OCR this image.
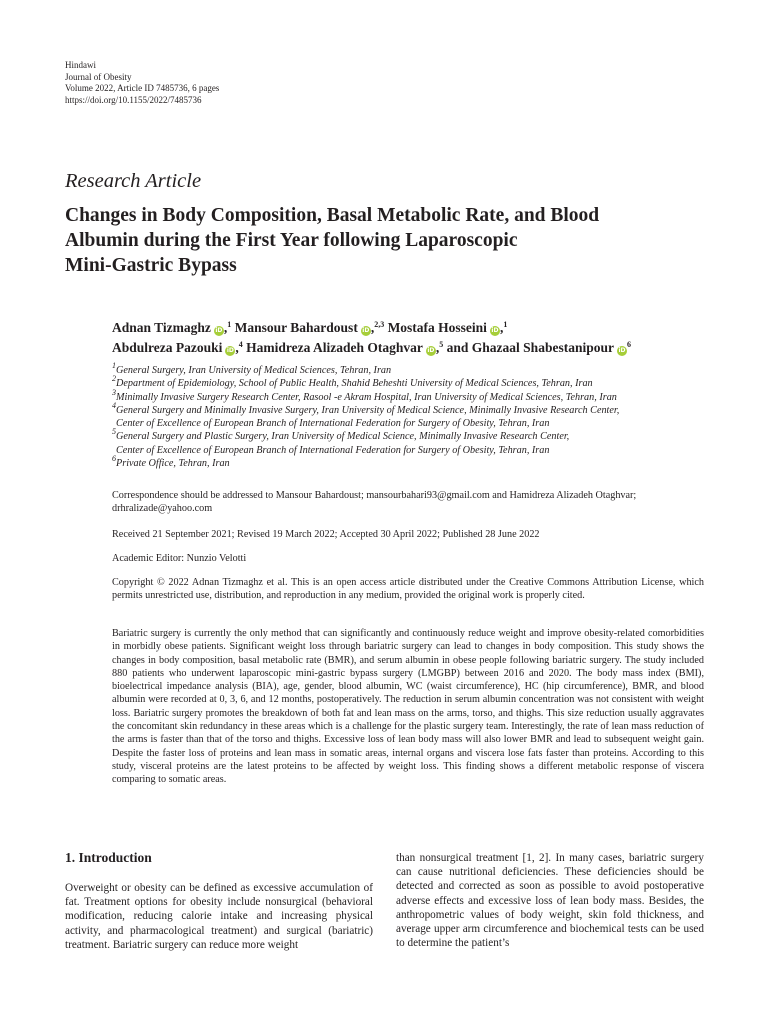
Hindawi
Journal of Obesity
Volume 2022, Article ID 7485736, 6 pages
https://doi.org/10.1155/2022/7485736
Research Article
Changes in Body Composition, Basal Metabolic Rate, and Blood
Albumin during the First Year following Laparoscopic
Mini-Gastric Bypass
Adnan Tizmaghz iD,$^1$ Mansour Bahardoust iD,$^{2,3}$ Mostafa Hosseini iD,$^1$
Abdulreza Pazouki iD,$^4$ Hamidreza Alizadeh Otaghvar iD,$^5$ and Ghazaal Shabestanipour $iD^6$
$^1$General Surgery, Iran University of Medical Sciences, Tehran, Iran
$^2$Department of Epidemiology, School of Public Health, Shahid Beheshti University of Medical Sciences, Tehran, Iran
$^3$Minimally Invasive Surgery Research Center, Rasool -e Akram Hospital, Iran University of Medical Sciences, Tehran, Iran
$^4$General Surgery and Minimally Invasive Surgery, Iran University of Medical Science, Minimally Invasive Research Center,
Center of Excellence of European Branch of International Federation for Surgery of Obesity, Tehran, Iran
$^5$General Surgery and Plastic Surgery, Iran University of Medical Science, Minimally Invasive Research Center,
Center of Excellence of European Branch of International Federation for Surgery of Obesity, Tehran, Iran
$^6$Private Office, Tehran, Iran
Correspondence should be addressed to Mansour Bahardoust; mansourbahari93@gmail.com and Hamidreza Alizadeh Otaghvar; drhralizade@yahoo.com
Received 21 September 2021; Revised 19 March 2022; Accepted 30 April 2022; Published 28 June 2022
Academic Editor: Nunzio Velotti
Copyright © 2022 Adnan Tizmaghz et al. This is an open access article distributed under the Creative Commons Attribution License, which permits unrestricted use, distribution, and reproduction in any medium, provided the original work is properly cited.
Bariatric surgery is currently the only method that can significantly and continuously reduce weight and improve obesity-related comorbidities in morbidly obese patients. Significant weight loss through bariatric surgery can lead to changes in body composition. This study shows the changes in body composition, basal metabolic rate (BMR), and serum albumin in obese people following bariatric surgery. The study included 880 patients who underwent laparoscopic mini-gastric bypass surgery (LMGBP) between 2016 and 2020. The body mass index (BMI), bioelectrical impedance analysis (BIA), age, gender, blood albumin, WC (waist circumference), HC (hip circumference), BMR, and blood albumin were recorded at 0, 3, 6, and 12 months, postoperatively. The reduction in serum albumin concentration was not consistent with weight loss. Bariatric surgery promotes the breakdown of both fat and lean mass on the arms, torso, and thighs. This size reduction usually aggravates the concomitant skin redundancy in these areas which is a challenge for the plastic surgery team. Interestingly, the rate of lean mass reduction of the arms is faster than that of the torso and thighs. Excessive loss of lean body mass will also lower BMR and lead to subsequent weight gain. Despite the faster loss of proteins and lean mass in somatic areas, internal organs and viscera lose fats faster than proteins. According to this study, visceral proteins are the latest proteins to be affected by weight loss. This finding shows a different metabolic response of viscera comparing to somatic areas.
1. Introduction
Overweight or obesity can be defined as excessive accumulation of fat. Treatment options for obesity include nonsurgical (behavioral modification, reducing calorie intake and increasing physical activity, and pharmacological treatment) and surgical (bariatric) treatment. Bariatric surgery can reduce more weight
than nonsurgical treatment [1, 2]. In many cases, bariatric surgery can cause nutritional deficiencies. These deficiencies should be detected and corrected as soon as possible to avoid postoperative adverse effects and excessive loss of lean body mass. Besides, the anthropometric values of body weight, skin fold thickness, and average upper arm circumference and biochemical tests can be used to determine the patient’s
